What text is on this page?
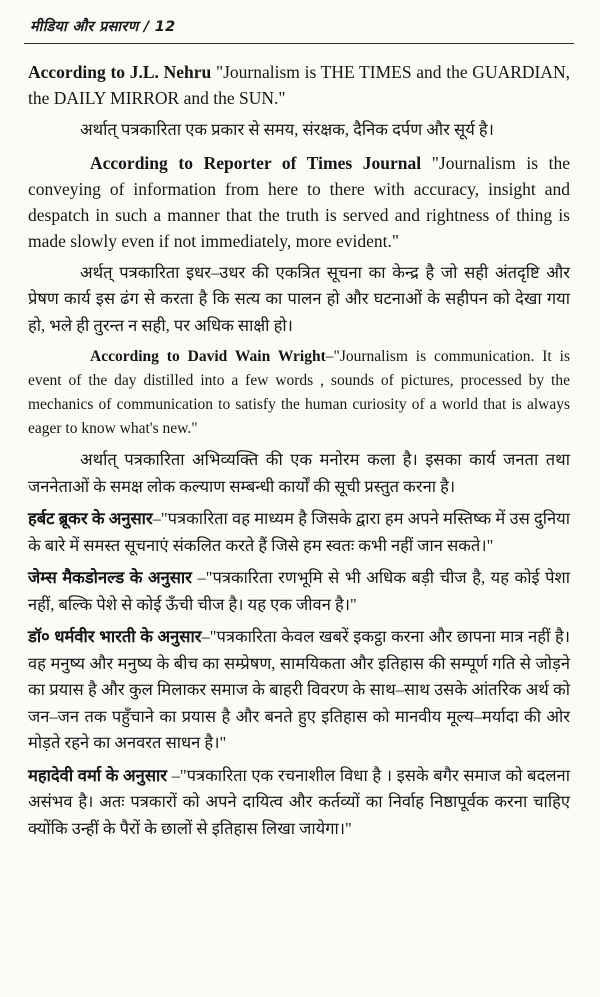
मीडिया और प्रसारण / 12

According to J.L. Nehru "Journalism is THE TIMES and the GUARDIAN, the DAILY MIRROR and the SUN."

अर्थात् पत्रकारिता एक प्रकार से समय, संरक्षक, दैनिक दर्पण और सूर्य है।

According to Reporter of Times Journal "Journalism is the conveying of information from here to there with accuracy, insight and despatch in such a manner that the truth is served and rightness of thing is made slowly even if not immediately, more evident."

अर्थत् पत्रकारिता इधर–उधर की एकत्रित सूचना का केन्द्र है जो सही अंतदृष्टि और प्रेषण कार्य इस ढंग से करता है कि सत्य का पालन हो और घटनाओं के सहीपन को देखा गया हो, भले ही तुरन्त न सही, पर अधिक साक्षी हो।

According to David Wain Wright–"Journalism is communication. It is event of the day distilled into a few words , sounds of pictures, processed by the mechanics of communication to satisfy the human curiosity of a world that is always eager to know what's new."

अर्थात् पत्रकारिता अभिव्यक्ति की एक मनोरम कला है। इसका कार्य जनता तथा जननेताओं के समक्ष लोक कल्याण सम्बन्धी कार्यों की सूची प्रस्तुत करना है।

हर्बट ब्रूकर के अनुसार–"पत्रकारिता वह माध्यम है जिसके द्वारा हम अपने मस्तिष्क में उस दुनिया के बारे में समस्त सूचनाएं संकलित करते हैं जिसे हम स्वतः कभी नहीं जान सकते।"

जेम्स मैकडोनल्ड के अनुसार –"पत्रकारिता रणभूमि से भी अधिक बड़ी चीज है, यह कोई पेशा नहीं, बल्कि पेशे से कोई ऊँची चीज है। यह एक जीवन है।"

डॉ० धर्मवीर भारती के अनुसार–"पत्रकारिता केवल खबरें इकट्ठा करना और छापना मात्र नहीं है। वह मनुष्य और मनुष्य के बीच का सम्प्रेषण, सामयिकता और इतिहास की सम्पूर्ण गति से जोड़ने का प्रयास है और कुल मिलाकर समाज के बाहरी विवरण के साथ–साथ उसके आंतरिक अर्थ को जन–जन तक पहुँचाने का प्रयास है और बनते हुए इतिहास को मानवीय मूल्य–मर्यादा की ओर मोड़ते रहने का अनवरत साधन है।"

महादेवी वर्मा के अनुसार –"पत्रकारिता एक रचनाशील विधा है । इसके बगैर समाज को बदलना असंभव है। अतः पत्रकारों को अपने दायित्व और कर्तव्यों का निर्वाह निष्ठापूर्वक करना चाहिए क्योंकि उन्हीं के पैरों के छालों से इतिहास लिखा जायेगा।"
